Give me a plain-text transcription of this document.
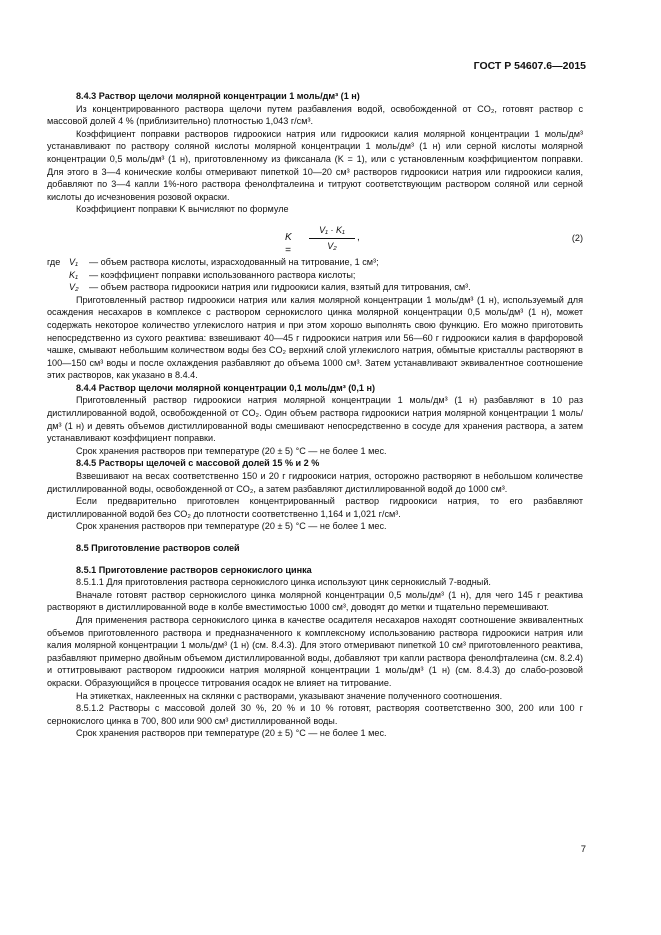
ГОСТ Р 54607.6—2015

8.4.3 Раствор щелочи молярной концентрации 1 моль/дм³ (1 н)

Из концентрированного раствора щелочи путем разбавления водой, освобожденной от CO₂, готовят раствор с массовой долей 4 % (приблизительно) плотностью 1,043 г/см³.

Коэффициент поправки растворов гидроокиси натрия или гидроокиси калия молярной концентрации 1 моль/дм³ устанавливают по раствору соляной кислоты молярной концентрации 1 моль/дм³ (1 н) или серной кислоты молярной концентрации 0,5 моль/дм³ (1 н), приготовленному из фиксанала (K = 1), или с установленным коэффициентом поправки. Для этого в 3—4 конические колбы отмеривают пипеткой 10—20 см³ растворов гидроокиси натрия или гидроокиси калия, добавляют по 3—4 капли 1%-ного раствора фенолфталеина и титруют соответствующим раствором соляной или серной кислоты до исчезновения розовой окраски.

Коэффициент поправки K вычисляют по формуле

$K = \frac{\text{V₁ · K₁}}{\text{V₂}}$ ,	(2)
где V₁	— объем раствора кислоты, израсходованный на титрование, 1 см³;
K₁	— коэффициент поправки использованного раствора кислоты;
V₂	— объем раствора гидроокиси натрия или гидроокиси калия, взятый для титрования, см³.

Приготовленный раствор гидроокиси натрия или калия молярной концентрации 1 моль/дм³ (1 н), используемый для осаждения несахаров в комплексе с раствором сернокислого цинка молярной концентрации 0,5 моль/дм³ (1 н), может содержать некоторое количество углекислого натрия и при этом хорошо выполнять свою функцию. Его можно приготовить непосредственно из сухого реактива: взвешивают 40—45 г гидроокиси натрия или 56—60 г гидроокиси калия в фарфоровой чашке, смывают небольшим количеством воды без CO₂ верхний слой углекислого натрия, обмытые кристаллы растворяют в 100—150 см³ воды и после охлаждения разбавляют до объема 1000 см³. Затем устанавливают эквивалентное соотношение этих растворов, как указано в 8.4.4.

8.4.4 Раствор щелочи молярной концентрации 0,1 моль/дм³ (0,1 н)

Приготовленный раствор гидроокиси натрия молярной концентрации 1 моль/дм³ (1 н) разбавляют в 10 раз дистиллированной водой, освобожденной от CO₂. Один объем раствора гидроокиси натрия молярной концентрации 1 моль/дм³ (1 н) и девять объемов дистиллированной воды смешивают непосредственно в сосуде для хранения раствора, а затем устанавливают коэффициент поправки.

Срок хранения растворов при температуре (20 ± 5) °С — не более 1 мес.

8.4.5 Растворы щелочей с массовой долей 15 % и 2 %

Взвешивают на весах соответственно 150 и 20 г гидроокиси натрия, осторожно растворяют в небольшом количестве дистиллированной воды, освобожденной от CO₂, а затем разбавляют дистиллированной водой до 1000 см³.

Если предварительно приготовлен концентрированный раствор гидроокиси натрия, то его разбавляют дистиллированной водой без CO₂ до плотности соответственно 1,164 и 1,021 г/см³.

Срок хранения растворов при температуре (20 ± 5) °С — не более 1 мес.

8.5 Приготовление растворов солей

8.5.1 Приготовление растворов сернокислого цинка

8.5.1.1 Для приготовления раствора сернокислого цинка используют цинк сернокислый 7-водный.

Вначале готовят раствор сернокислого цинка молярной концентрации 0,5 моль/дм³ (1 н), для чего 145 г реактива растворяют в дистиллированной воде в колбе вместимостью 1000 см³, доводят до метки и тщательно перемешивают.

Для применения раствора сернокислого цинка в качестве осадителя несахаров находят соотношение эквивалентных объемов приготовленного раствора и предназначенного к комплексному использованию раствора гидроокиси натрия или калия молярной концентрации 1 моль/дм³ (1 н) (см. 8.4.3). Для этого отмеривают пипеткой 10 см³ приготовленного реактива, разбавляют примерно двойным объемом дистиллированной воды, добавляют три капли раствора фенолфталеина (см. 8.2.4) и оттитровывают раствором гидроокиси натрия молярной концентрации 1 моль/дм³ (1 н) (см. 8.4.3) до слабо-розовой окраски. Образующийся в процессе титрования осадок не влияет на титрование.

На этикетках, наклеенных на склянки с растворами, указывают значение полученного соотношения.

8.5.1.2 Растворы с массовой долей 30 %, 20 % и 10 % готовят, растворяя соответственно 300, 200 или 100 г сернокислого цинка в 700, 800 или 900 см³ дистиллированной воды.

Срок хранения растворов при температуре (20 ± 5) °С — не более 1 мес.

7
